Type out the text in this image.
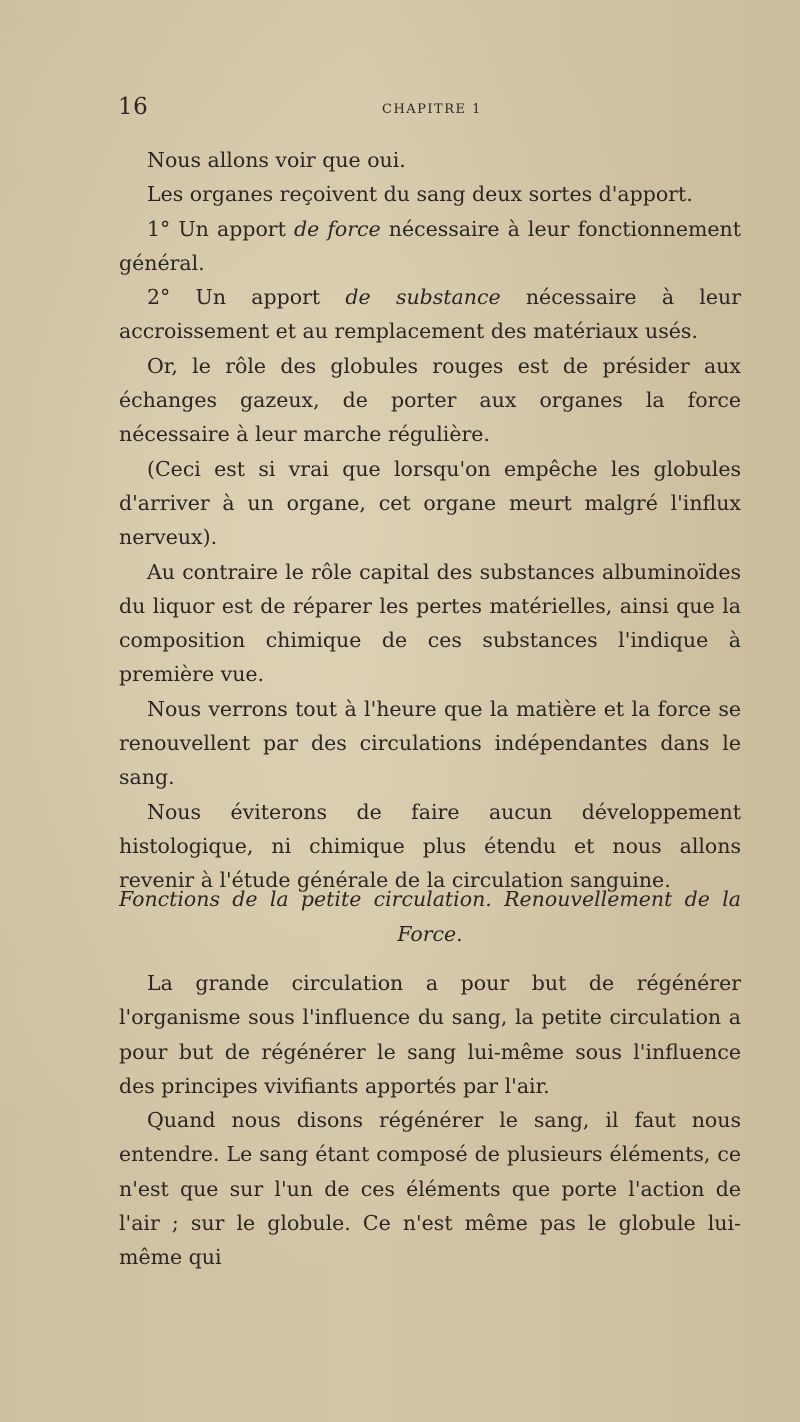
16	CHAPITRE 1

Nous allons voir que oui.

Les organes reçoivent du sang deux sortes d'apport.

1° Un apport de force nécessaire à leur fonctionnement général.

2° Un apport de substance nécessaire à leur accroissement et au remplacement des matériaux usés.

Or, le rôle des globules rouges est de présider aux échanges gazeux, de porter aux organes la force nécessaire à leur marche régulière.

(Ceci est si vrai que lorsqu'on empêche les globules d'arriver à un organe, cet organe meurt malgré l'influx nerveux).

Au contraire le rôle capital des substances albuminoïdes du liquor est de réparer les pertes matérielles, ainsi que la composition chimique de ces substances l'indique à première vue.

Nous verrons tout à l'heure que la matière et la force se renouvellent par des circulations indépendantes dans le sang.

Nous éviterons de faire aucun développement histologique, ni chimique plus étendu et nous allons revenir à l'étude générale de la circulation sanguine.

Fonctions de la petite circulation. Renouvellement de la
Force.

La grande circulation a pour but de régénérer l'organisme sous l'influence du sang, la petite circulation a pour but de régénérer le sang lui-même sous l'influence des principes vivifiants apportés par l'air.

Quand nous disons régénérer le sang, il faut nous entendre. Le sang étant composé de plusieurs éléments, ce n'est que sur l'un de ces éléments que porte l'action de l'air ; sur le globule. Ce n'est même pas le globule lui-même qui
